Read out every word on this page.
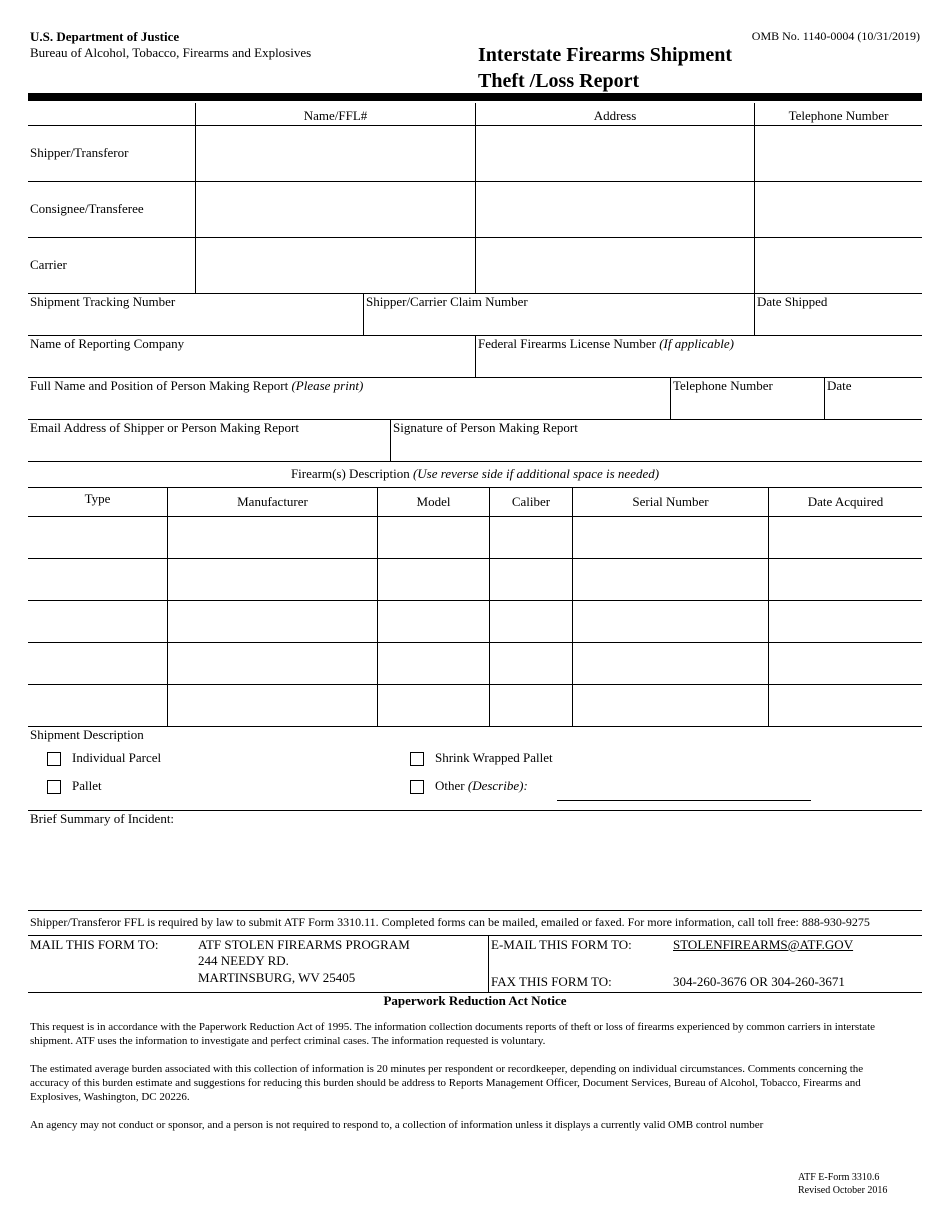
U.S. Department of Justice
Bureau of Alcohol, Tobacco, Firearms and Explosives	Interstate Firearms Shipment
Theft /Loss Report
OMB No. 1140-0004 (10/31/2019)
Name/FFL#	Address	Telephone Number
Shipper/Transferor
Consignee/Transferee
Carrier
Shipment Tracking Number	Shipper/Carrier Claim Number	Date Shipped
Name of Reporting Company	Federal Firearms License Number (If applicable)
Full Name and Position of Person Making Report (Please print)	Telephone Number	Date
Email Address of Shipper or Person Making Report	Signature of Person Making Report
Firearm(s) Description (Use reverse side if additional space is needed)
Type	Manufacturer	Model	Caliber	Serial Number	Date Acquired
Shipment Description
Individual Parcel
Pallet
Shrink Wrapped Pallet
Other (Describe):
Brief Summary of Incident:
Shipper/Transferor FFL is required by law to submit ATF Form 3310.11. Completed forms can be mailed, emailed or faxed. For more information, call toll free: 888-930-9275
MAIL THIS FORM TO:	ATF STOLEN FIREARMS PROGRAM
244 NEEDY RD.
MARTINSBURG, WV 25405
E-MAIL THIS FORM TO:	STOLENFIREARMS@ATF.GOV
FAX THIS FORM TO:	304-260-3676 OR 304-260-3671
Paperwork Reduction Act Notice
This request is in accordance with the Paperwork Reduction Act of 1995. The information collection documents reports of theft or loss of firearms experienced by common carriers in interstate shipment. ATF uses the information to investigate and perfect criminal cases. The information requested is voluntary.
The estimated average burden associated with this collection of information is 20 minutes per respondent or recordkeeper, depending on individual circumstances. Comments concerning the accuracy of this burden estimate and suggestions for reducing this burden should be address to Reports Management Officer, Document Services, Bureau of Alcohol, Tobacco, Firearms and Explosives, Washington, DC 20226.
An agency may not conduct or sponsor, and a person is not required to respond to, a collection of information unless it displays a currently valid OMB control number
ATF E-Form 3310.6
Revised October 2016
